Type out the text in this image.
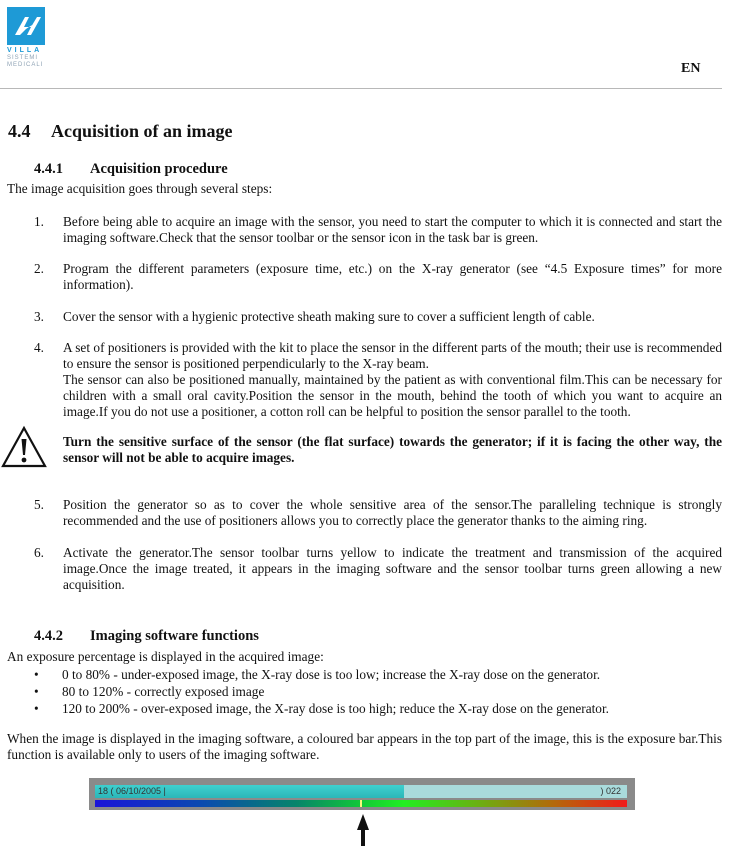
VILLA
SISTEMI
MEDICALI	EN
4.4 Acquisition of an image
4.4.1 Acquisition procedure
The image acquisition goes through several steps:
1. Before being able to acquire an image with the sensor, you need to start the computer to which it is connected and start the imaging software.Check that the sensor toolbar or the sensor icon in the task bar is green.
2. Program the different parameters (exposure time, etc.) on the X-ray generator (see “4.5 Exposure times” for more information).
3. Cover the sensor with a hygienic protective sheath making sure to cover a sufficient length of cable.
4. A set of positioners is provided with the kit to place the sensor in the different parts of the mouth; their use is recommended to ensure the sensor is positioned perpendicularly to the X-ray beam.
The sensor can also be positioned manually, maintained by the patient as with conventional film.This can be necessary for children with a small oral cavity.Position the sensor in the mouth, behind the tooth of which you want to acquire an image.If you do not use a positioner, a cotton roll can be helpful to position the sensor parallel to the tooth.
Turn the sensitive surface of the sensor (the flat surface) towards the generator; if it is facing the other way, the sensor will not be able to acquire images.
5. Position the generator so as to cover the whole sensitive area of the sensor.The paralleling technique is strongly recommended and the use of positioners allows you to correctly place the generator thanks to the aiming ring.
6. Activate the generator.The sensor toolbar turns yellow to indicate the treatment and transmission of the acquired image.Once the image treated, it appears in the imaging software and the sensor toolbar turns green allowing a new acquisition.
4.4.2 Imaging software functions
An exposure percentage is displayed in the acquired image:
• 0 to 80% - under-exposed image, the X-ray dose is too low; increase the X-ray dose on the generator.
• 80 to 120% - correctly exposed image
• 120 to 200% - over-exposed image, the X-ray dose is too high; reduce the X-ray dose on the generator.
When the image is displayed in the imaging software, a coloured bar appears in the top part of the image, this is the exposure bar.This function is available only to users of the imaging software.
18 ( 06/10/2005 |	) 022
